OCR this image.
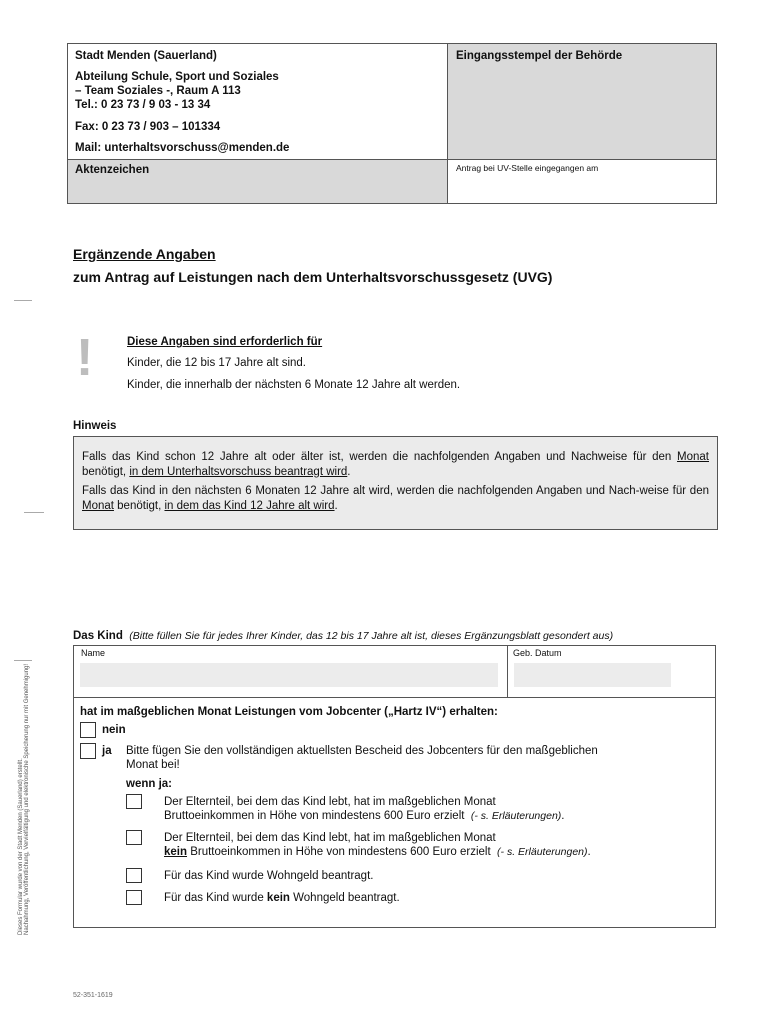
Stadt Menden (Sauerland)
Abteilung Schule, Sport und Soziales
– Team Soziales -, Raum A 113
Tel.: 0 23 73 / 9 03 - 13 34
Fax: 0 23 73 / 903 – 101334
Mail: unterhaltsvorschuss@menden.de
Eingangsstempel der Behörde
Aktenzeichen	Antrag bei UV-Stelle eingegangen am
Ergänzende Angaben
zum Antrag auf Leistungen nach dem Unterhaltsvorschussgesetz (UVG)
!	Diese Angaben sind erforderlich für
Kinder, die 12 bis 17 Jahre alt sind.
Kinder, die innerhalb der nächsten 6 Monate 12 Jahre alt werden.
Hinweis

Falls das Kind schon 12 Jahre alt oder älter ist, werden die nachfolgenden Angaben und Nachweise für den Monat benötigt, in dem Unterhaltsvorschuss beantragt wird.

Falls das Kind in den nächsten 6 Monaten 12 Jahre alt wird, werden die nachfolgenden Angaben und Nach-weise für den Monat benötigt, in dem das Kind 12 Jahre alt wird.

Das Kind (Bitte füllen Sie für jedes Ihrer Kinder, das 12 bis 17 Jahre alt ist, dieses Ergänzungsblatt gesondert aus)
Name	Geb. Datum
hat im maßgeblichen Monat Leistungen vom Jobcenter („Hartz IV“) erhalten:
nein
ja Bitte fügen Sie den vollständigen aktuellsten Bescheid des Jobcenters für den maßgeblichen
Monat bei!
wenn ja:
Der Elternteil, bei dem das Kind lebt, hat im maßgeblichen Monat
Bruttoeinkommen in Höhe von mindestens 600 Euro erzielt (- s. Erläuterungen).
Der Elternteil, bei dem das Kind lebt, hat im maßgeblichen Monat
kein Bruttoeinkommen in Höhe von mindestens 600 Euro erzielt (- s. Erläuterungen).
Für das Kind wurde Wohngeld beantragt.
Für das Kind wurde kein Wohngeld beantragt.
Dieses Formular wurde von der Stadt Menden (Sauerland) erstellt. Nachahmung, Veröffentlichung, Vervielfältigung und elektronische Speicherung nur mit Genehmigung!
52-351-1619
